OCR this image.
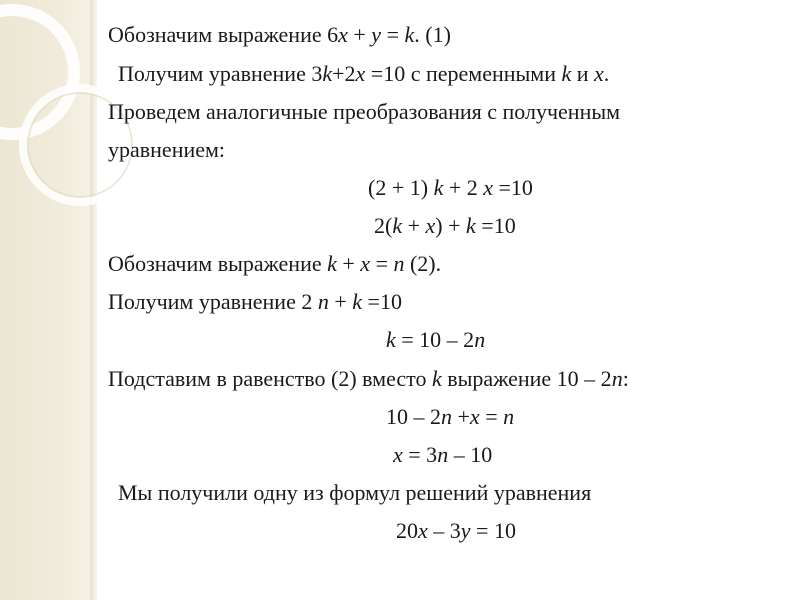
Обозначим выражение 6x + y = k. (1)
Получим уравнение 3k+2x =10 с переменными k и x.
Проведем аналогичные преобразования с полученным
уравнением:
(2 + 1) k + 2 x =10
2(k + x) + k =10
Обозначим выражение k + x = n (2).
Получим уравнение 2 n + k =10
k = 10 – 2n
Подставим в равенство (2) вместо k выражение 10 – 2n:
10 – 2n +x = n
x = 3n – 10
Мы получили одну из формул решений уравнения
20x – 3y = 10
